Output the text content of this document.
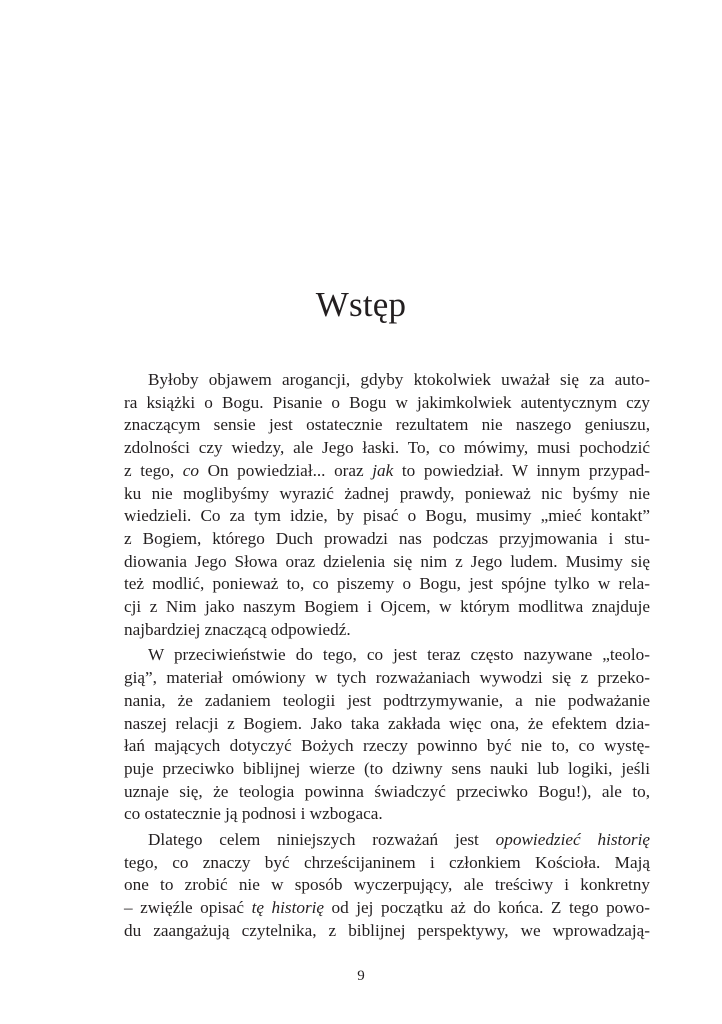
Wstęp

Byłoby objawem arogancji, gdyby ktokolwiek uważał się za auto-
ra książki o Bogu. Pisanie o Bogu w jakimkolwiek autentycznym czy
znaczącym sensie jest ostatecznie rezultatem nie naszego geniuszu,
zdolności czy wiedzy, ale Jego łaski. To, co mówimy, musi pochodzić
z tego, co On powiedział... oraz jak to powiedział. W innym przypad-
ku nie moglibyśmy wyrazić żadnej prawdy, ponieważ nic byśmy nie
wiedzieli. Co za tym idzie, by pisać o Bogu, musimy „mieć kontakt”
z Bogiem, którego Duch prowadzi nas podczas przyjmowania i stu-
diowania Jego Słowa oraz dzielenia się nim z Jego ludem. Musimy się
też modlić, ponieważ to, co piszemy o Bogu, jest spójne tylko w rela-
cji z Nim jako naszym Bogiem i Ojcem, w którym modlitwa znajduje
najbardziej znaczącą odpowiedź.

W przeciwieństwie do tego, co jest teraz często nazywane „teolo-
gią”, materiał omówiony w tych rozważaniach wywodzi się z przeko-
nania, że zadaniem teologii jest podtrzymywanie, a nie podważanie
naszej relacji z Bogiem. Jako taka zakłada więc ona, że efektem dzia-
łań mających dotyczyć Bożych rzeczy powinno być nie to, co wystę-
puje przeciwko biblijnej wierze (to dziwny sens nauki lub logiki, jeśli
uznaje się, że teologia powinna świadczyć przeciwko Bogu!), ale to,
co ostatecznie ją podnosi i wzbogaca.

Dlatego celem niniejszych rozważań jest opowiedzieć historię
tego, co znaczy być chrześcijaninem i członkiem Kościoła. Mają
one to zrobić nie w sposób wyczerpujący, ale treściwy i konkretny
– zwięźle opisać tę historię od jej początku aż do końca. Z tego powo-
du zaangażują czytelnika, z biblijnej perspektywy, we wprowadzają-

9
